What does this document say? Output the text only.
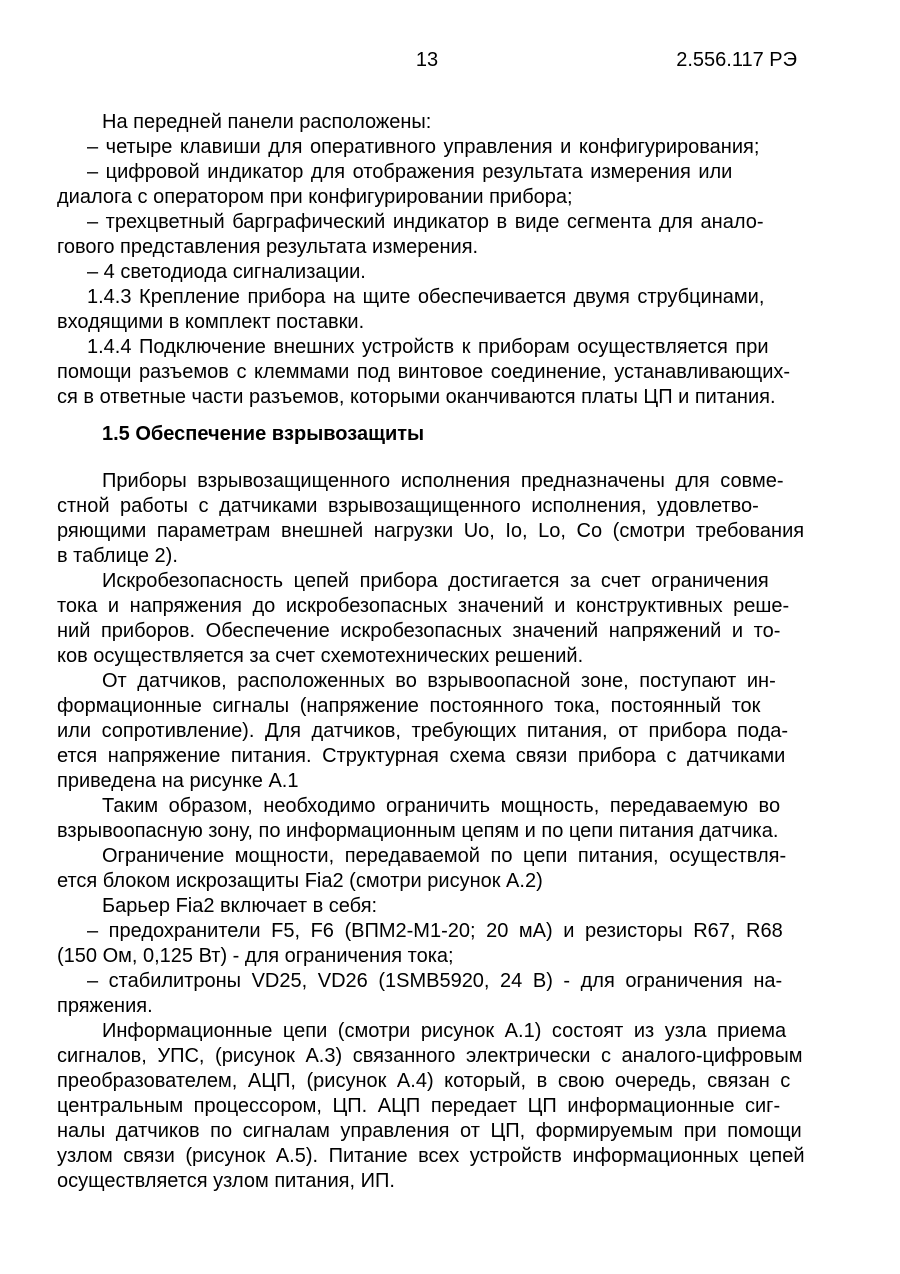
13	2.556.117 РЭ
На передней панели расположены:
– четыре клавиши для оперативного управления и конфигурирования;
– цифровой индикатор для отображения результата измерения или
диалога с оператором при конфигурировании прибора;
– трехцветный барграфический индикатор в виде сегмента для анало-
гового представления результата измерения.
– 4 светодиода сигнализации.
1.4.3 Крепление прибора на щите обеспечивается двумя струбцинами,
входящими в комплект поставки.
1.4.4 Подключение внешних устройств к приборам осуществляется при
помощи разъемов с клеммами под винтовое соединение, устанавливающих-
ся в ответные части разъемов, которыми оканчиваются платы ЦП и питания.
1.5 Обеспечение взрывозащиты
Приборы взрывозащищенного исполнения предназначены для совме-
стной работы с датчиками взрывозащищенного исполнения, удовлетво-
ряющими параметрам внешней нагрузки Uo, Io, Lo, Co (смотри требования
в таблице 2).
Искробезопасность цепей прибора достигается за счет ограничения
тока и напряжения до искробезопасных значений и конструктивных реше-
ний приборов. Обеспечение искробезопасных значений напряжений и то-
ков осуществляется за счет схемотехнических решений.
От датчиков, расположенных во взрывоопасной зоне, поступают ин-
формационные сигналы (напряжение постоянного тока, постоянный ток
или сопротивление). Для датчиков, требующих питания, от прибора пода-
ется напряжение питания. Структурная схема связи прибора с датчиками
приведена на рисунке А.1
Таким образом, необходимо ограничить мощность, передаваемую во
взрывоопасную зону, по информационным цепям и по цепи питания датчика.
Ограничение мощности, передаваемой по цепи питания, осуществля-
ется блоком искрозащиты Fia2 (смотри рисунок А.2)
Барьер Fia2 включает в себя:
– предохранители F5, F6 (ВПМ2-М1-20; 20 мА) и резисторы R67, R68
(150 Ом, 0,125 Вт) - для ограничения тока;
– стабилитроны VD25, VD26 (1SMB5920, 24 В) - для ограничения на-
пряжения.
Информационные цепи (смотри рисунок А.1) состоят из узла приема
сигналов, УПС, (рисунок А.3) связанного электрически с аналого-цифровым
преобразователем, АЦП, (рисунок А.4) который, в свою очередь, связан с
центральным процессором, ЦП. АЦП передает ЦП информационные сиг-
налы датчиков по сигналам управления от ЦП, формируемым при помощи
узлом связи (рисунок А.5). Питание всех устройств информационных цепей
осуществляется узлом питания, ИП.
